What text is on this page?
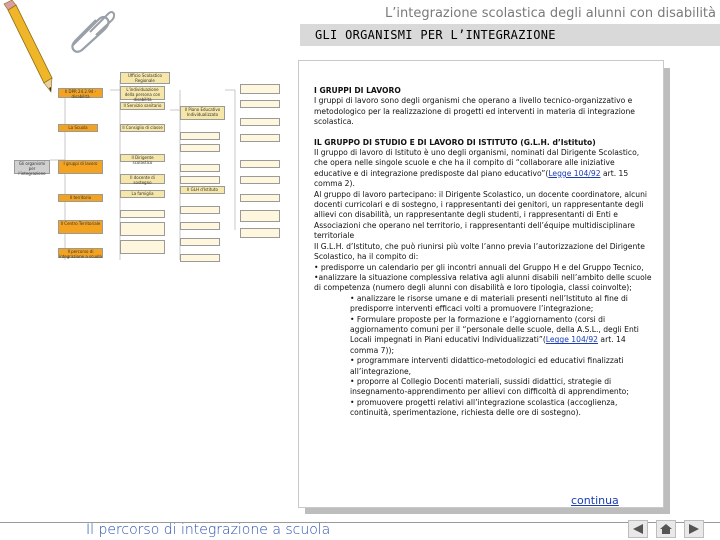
L’integrazione scolastica degli alunni con disabilità
GLI ORGANISMI PER L’INTEGRAZIONE
Ufficio Scolastico Regionale
Il DPR 24.2.94 - disabilità
L'individuazione della persona con disabilità
Il Servizio sanitario
Il Piano Educativo Individualizzato
La Scuola	Il Consiglio di classe
Gli organismi per l'integrazione
I gruppi di lavoro
Il territorio
Il Dirigente scolastico
Il docente di sostegno
La famiglia
Il GLH d'Istituto
Il Centro Territoriale
Il percorso di integrazione a scuola

I GRUPPI DI LAVORO

I gruppi di lavoro sono degli organismi che operano a livello tecnico-organizzativo e metodologico per la realizzazione di progetti ed interventi in materia di integrazione scolastica.

IL GRUPPO DI STUDIO E DI LAVORO DI ISTITUTO (G.L.H. d’Istituto)

Il gruppo di lavoro di Istituto è uno degli organismi, nominati dal Dirigente Scolastico, che opera nelle singole scuole e che ha il compito di “collaborare alle iniziative educative e di integrazione predisposte dal piano educativo”(Legge 104/92 art. 15 comma 2).

Al gruppo di lavoro partecipano: il Dirigente Scolastico, un docente coordinatore, alcuni docenti curricolari e di sostegno, i rappresentanti dei genitori, un rappresentante degli allievi con disabilità, un rappresentante degli studenti, i rappresentanti di Enti e Associazioni che operano nel territorio, i rappresentanti dell’équipe multidisciplinare territoriale

Il G.L.H. d’Istituto, che può riunirsi più volte l’anno previa l’autorizzazione del Dirigente Scolastico, ha il compito di:

• predisporre un calendario per gli incontri annuali del Gruppo H e del Gruppo Tecnico,

•analizzare la situazione complessiva relativa agli alunni disabili nell’ambito delle scuole di competenza (numero degli alunni con disabilità e loro tipologia, classi coinvolte);

• analizzare le risorse umane e di materiali presenti nell’Istituto al fine di predisporre interventi efficaci volti a promuovere l’integrazione;

• Formulare proposte per la formazione e l’aggiornamento (corsi di aggiornamento comuni per il “personale delle scuole, della A.S.L., degli Enti Locali impegnati in Piani educativi Individualizzati”(Legge 104/92 art. 14 comma 7));

• programmare interventi didattico-metodologici ed educativi finalizzati all’integrazione,

• proporre al Collegio Docenti materiali, sussidi didattici, strategie di insegnamento-apprendimento per allievi con difficoltà di apprendimento;

• promuovere progetti relativi all’integrazione scolastica (accoglienza, continuità, sperimentazione, richiesta delle ore di sostegno).

continua
Il percorso di integrazione a scuola
